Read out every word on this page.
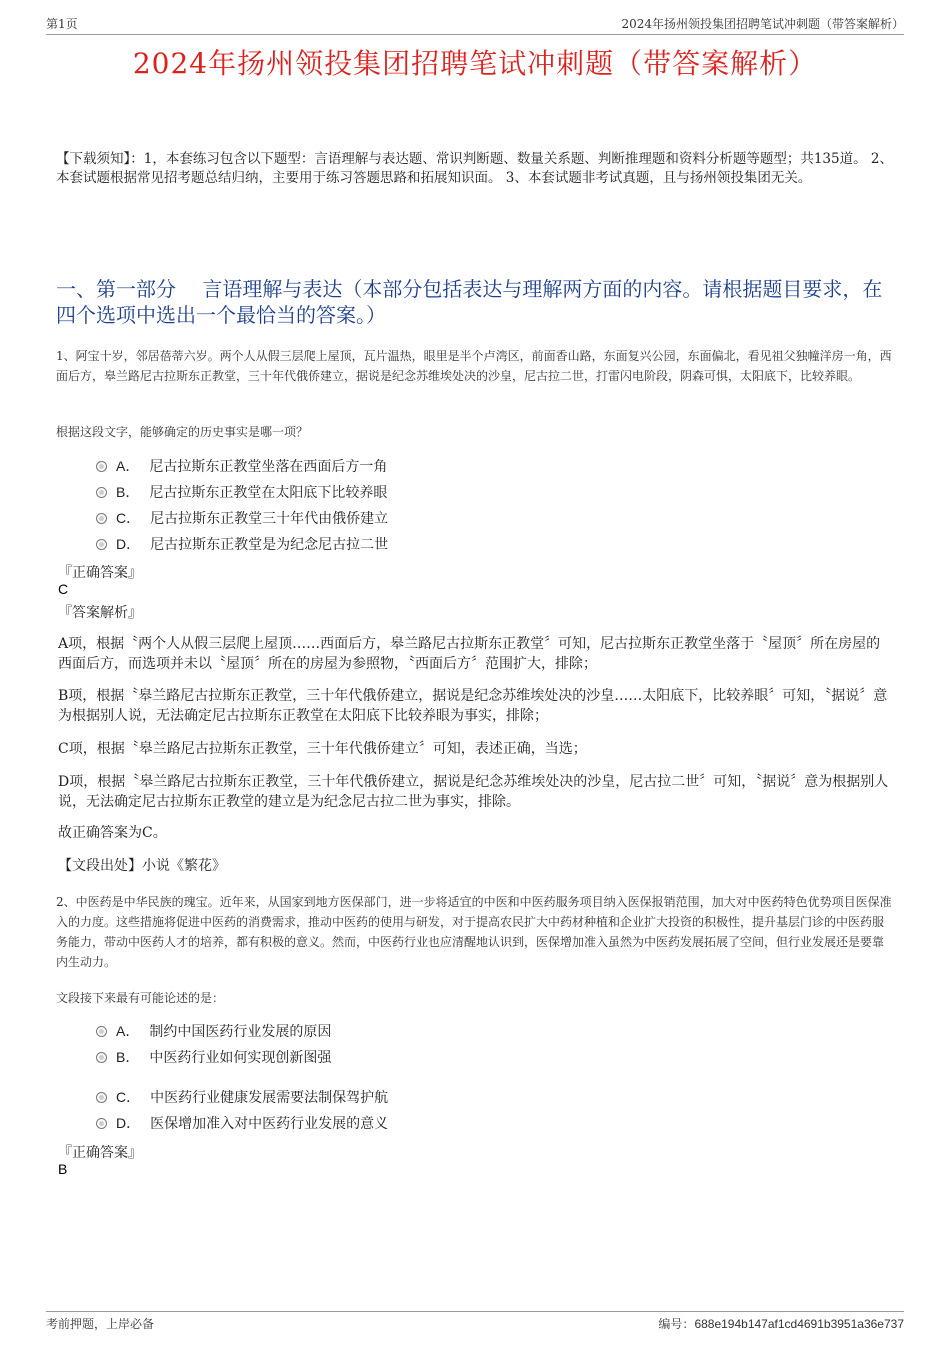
第1页	2024年扬州领投集团招聘笔试冲刺题（带答案解析）
2024年扬州领投集团招聘笔试冲刺题（带答案解析）

【下载须知】：1，本套练习包含以下题型：言语理解与表达题、常识判断题、数量关系题、判断推理题和资料分析题等题型；共135道。 2、本套试题根据常见招考题总结归纳，主要用于练习答题思路和拓展知识面。 3、本套试题非考试真题，且与扬州领投集团无关。

一、第一部分　 言语理解与表达（本部分包括表达与理解两方面的内容。请根据题目要求，在四个选项中选出一个最恰当的答案。）

1、阿宝十岁，邻居蓓蒂六岁。两个人从假三层爬上屋顶，瓦片温热，眼里是半个卢湾区，前面香山路，东面复兴公园，东面偏北，看见祖父独幢洋房一角，西面后方，皋兰路尼古拉斯东正教堂，三十年代俄侨建立，据说是纪念苏维埃处决的沙皇，尼古拉二世，打雷闪电阶段，阴森可惧，太阳底下，比较养眼。

根据这段文字，能够确定的历史事实是哪一项？

A． 尼古拉斯东正教堂坐落在西面后方一角
B． 尼古拉斯东正教堂在太阳底下比较养眼
C． 尼古拉斯东正教堂三十年代由俄侨建立
D． 尼古拉斯东正教堂是为纪念尼古拉二世

『正确答案』

C

『答案解析』

A项，根据〝两个人从假三层爬上屋顶……西面后方，皋兰路尼古拉斯东正教堂〞可知，尼古拉斯东正教堂坐落于〝屋顶〞所在房屋的西面后方，而选项并未以〝屋顶〞所在的房屋为参照物，〝西面后方〞范围扩大，排除；

B项，根据〝皋兰路尼古拉斯东正教堂，三十年代俄侨建立，据说是纪念苏维埃处决的沙皇……太阳底下，比较养眼〞可知，〝据说〞意为根据别人说，无法确定尼古拉斯东正教堂在太阳底下比较养眼为事实，排除；

C项，根据〝皋兰路尼古拉斯东正教堂，三十年代俄侨建立〞可知，表述正确，当选；

D项，根据〝皋兰路尼古拉斯东正教堂，三十年代俄侨建立，据说是纪念苏维埃处决的沙皇，尼古拉二世〞可知，〝据说〞意为根据别人说，无法确定尼古拉斯东正教堂的建立是为纪念尼古拉二世为事实，排除。

故正确答案为C。

【文段出处】小说《繁花》

2、中医药是中华民族的瑰宝。近年来，从国家到地方医保部门，进一步将适宜的中医和中医药服务项目纳入医保报销范围，加大对中医药特色优势项目医保准入的力度。这些措施将促进中医药的消费需求，推动中医药的使用与研发，对于提高农民扩大中药材种植和企业扩大投资的积极性，提升基层门诊的中医药服务能力，带动中医药人才的培养，都有积极的意义。然而，中医药行业也应清醒地认识到，医保增加准入虽然为中医药发展拓展了空间，但行业发展还是要靠内生动力。

文段接下来最有可能论述的是：

A． 制约中国医药行业发展的原因
B． 中医药行业如何实现创新图强
C． 中医药行业健康发展需要法制保驾护航
D． 医保增加准入对中医药行业发展的意义

『正确答案』

B

考前押题，上岸必备	编号：688e194b147af1cd4691b3951a36e737
